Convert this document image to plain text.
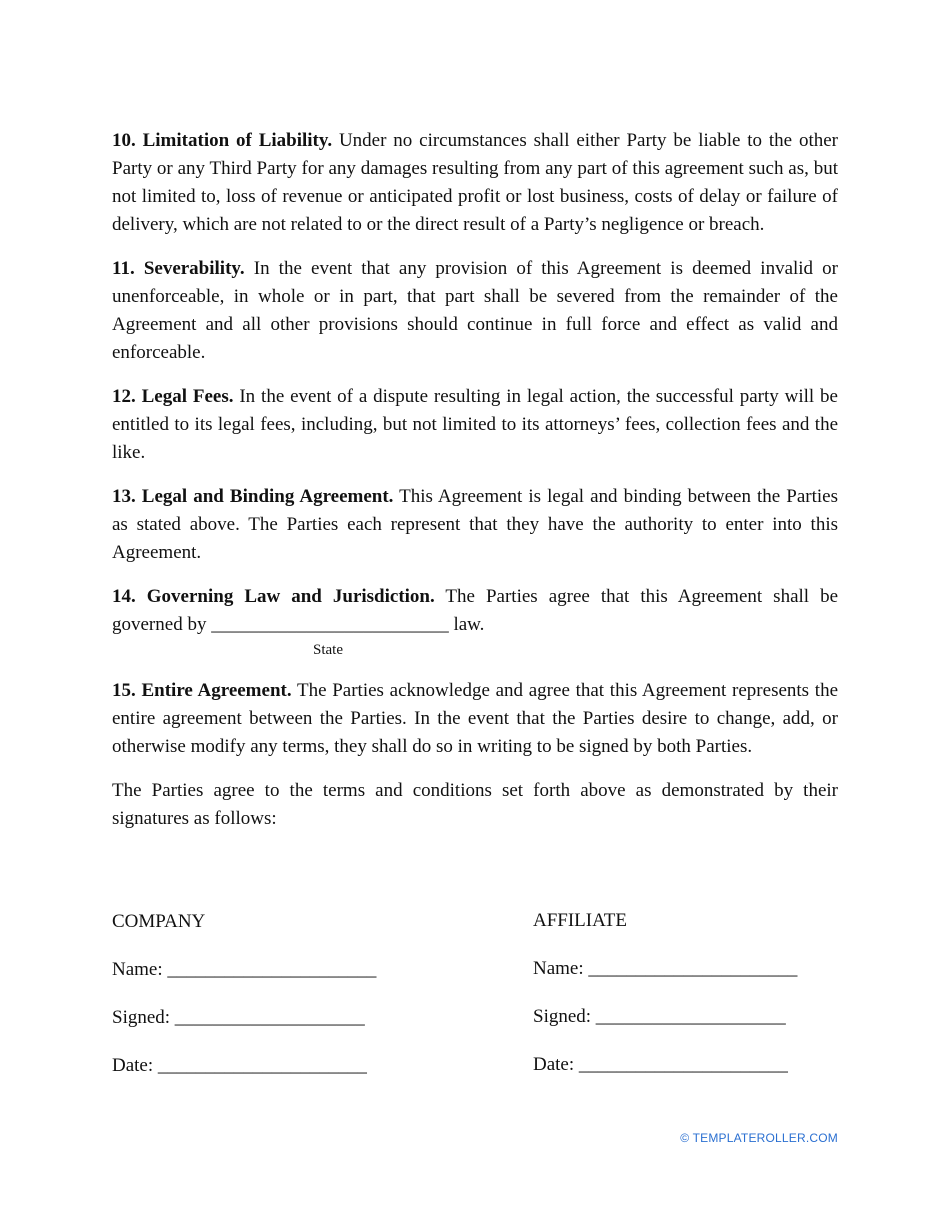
10. Limitation of Liability. Under no circumstances shall either Party be liable to the other Party or any Third Party for any damages resulting from any part of this agreement such as, but not limited to, loss of revenue or anticipated profit or lost business, costs of delay or failure of delivery, which are not related to or the direct result of a Party’s negligence or breach.

11. Severability. In the event that any provision of this Agreement is deemed invalid or unenforceable, in whole or in part, that part shall be severed from the remainder of the Agreement and all other provisions should continue in full force and effect as valid and enforceable.

12. Legal Fees. In the event of a dispute resulting in legal action, the successful party will be entitled to its legal fees, including, but not limited to its attorneys’ fees, collection fees and the like.

13. Legal and Binding Agreement. This Agreement is legal and binding between the Parties as stated above. The Parties each represent that they have the authority to enter into this Agreement.

14. Governing Law and Jurisdiction. The Parties agree that this Agreement shall be governed by _________________________ law.

State

15. Entire Agreement. The Parties acknowledge and agree that this Agreement represents the entire agreement between the Parties. In the event that the Parties desire to change, add, or otherwise modify any terms, they shall do so in writing to be signed by both Parties.

The Parties agree to the terms and conditions set forth above as demonstrated by their signatures as follows:

COMPANY
Name: ______________________
Signed: ____________________
Date: ______________________
AFFILIATE
Name: ______________________
Signed: ____________________
Date: ______________________
© TEMPLATEROLLER.COM
